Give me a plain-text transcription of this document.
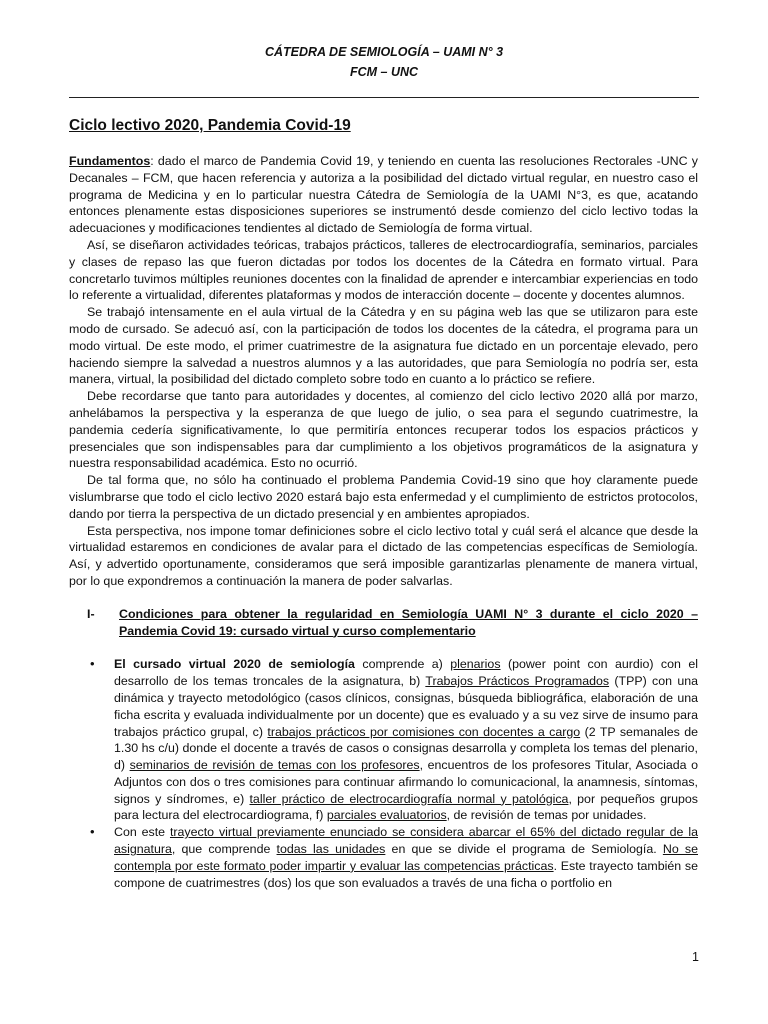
CÁTEDRA DE SEMIOLOGÍA – UAMI N° 3
FCM – UNC
Ciclo lectivo 2020, Pandemia Covid-19

Fundamentos: dado el marco de Pandemia Covid 19, y teniendo en cuenta las resoluciones Rectorales -UNC y Decanales – FCM, que hacen referencia y autoriza a la posibilidad del dictado virtual regular, en nuestro caso el programa de Medicina y en lo particular nuestra Cátedra de Semiología de la UAMI N°3, es que, acatando entonces plenamente estas disposiciones superiores se instrumentó desde comienzo del ciclo lectivo todas la adecuaciones y modificaciones tendientes al dictado de Semiología de forma virtual.

Así, se diseñaron actividades teóricas, trabajos prácticos, talleres de electrocardiografía, seminarios, parciales y clases de repaso las que fueron dictadas por todos los docentes de la Cátedra en formato virtual. Para concretarlo tuvimos múltiples reuniones docentes con la finalidad de aprender e intercambiar experiencias en todo lo referente a virtualidad, diferentes plataformas y modos de interacción docente – docente y docentes alumnos.

Se trabajó intensamente en el aula virtual de la Cátedra y en su página web las que se utilizaron para este modo de cursado. Se adecuó así, con la participación de todos los docentes de la cátedra, el programa para un modo virtual. De este modo, el primer cuatrimestre de la asignatura fue dictado en un porcentaje elevado, pero haciendo siempre la salvedad a nuestros alumnos y a las autoridades, que para Semiología no podría ser, esta manera, virtual, la posibilidad del dictado completo sobre todo en cuanto a lo práctico se refiere.

Debe recordarse que tanto para autoridades y docentes, al comienzo del ciclo lectivo 2020 allá por marzo, anhelábamos la perspectiva y la esperanza de que luego de julio, o sea para el segundo cuatrimestre, la pandemia cedería significativamente, lo que permitiría entonces recuperar todos los espacios prácticos y presenciales que son indispensables para dar cumplimiento a los objetivos programáticos de la asignatura y nuestra responsabilidad académica. Esto no ocurrió.

De tal forma que, no sólo ha continuado el problema Pandemia Covid-19 sino que hoy claramente puede vislumbrarse que todo el ciclo lectivo 2020 estará bajo esta enfermedad y el cumplimiento de estrictos protocolos, dando por tierra la perspectiva de un dictado presencial y en ambientes apropiados.

Esta perspectiva, nos impone tomar definiciones sobre el ciclo lectivo total y cuál será el alcance que desde la virtualidad estaremos en condiciones de avalar para el dictado de las competencias específicas de Semiología. Así, y advertido oportunamente, consideramos que será imposible garantizarlas plenamente de manera virtual, por lo que expondremos a continuación la manera de poder salvarlas.

I-	Condiciones para obtener la regularidad en Semiología UAMI N° 3 durante el ciclo 2020 – Pandemia Covid 19: cursado virtual y curso complementario
•	El cursado virtual 2020 de semiología comprende a) plenarios (power point con aurdio) con el desarrollo de los temas troncales de la asignatura, b) Trabajos Prácticos Programados (TPP) con una dinámica y trayecto metodológico (casos clínicos, consignas, búsqueda bibliográfica, elaboración de una ficha escrita y evaluada individualmente por un docente) que es evaluado y a su vez sirve de insumo para trabajos práctico grupal, c) trabajos prácticos por comisiones con docentes a cargo (2 TP semanales de 1.30 hs c/u) donde el docente a través de casos o consignas desarrolla y completa los temas del plenario, d) seminarios de revisión de temas con los profesores, encuentros de los profesores Titular, Asociada o Adjuntos con dos o tres comisiones para continuar afirmando lo comunicacional, la anamnesis, síntomas, signos y síndromes, e) taller práctico de electrocardiografía normal y patológica, por pequeños grupos para lectura del electrocardiograma, f) parciales evaluatorios, de revisión de temas por unidades.
•	Con este trayecto virtual previamente enunciado se considera abarcar el 65% del dictado regular de la asignatura, que comprende todas las unidades en que se divide el programa de Semiología. No se contempla por este formato poder impartir y evaluar las competencias prácticas. Este trayecto también se compone de cuatrimestres (dos) los que son evaluados a través de una ficha o portfolio en
1
